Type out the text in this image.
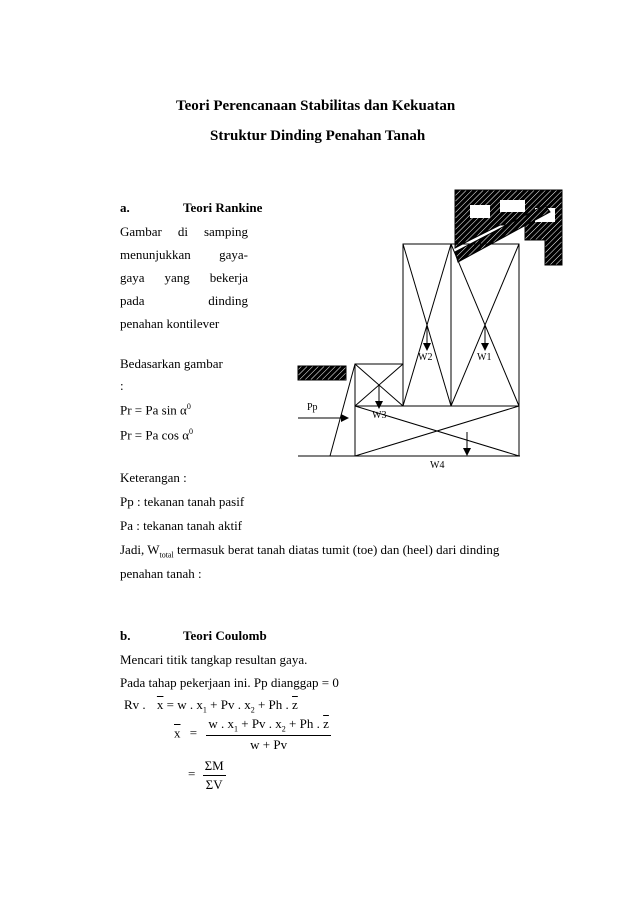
Teori Perencanaan Stabilitas dan Kekuatan
Struktur Dinding Penahan Tanah
a.	Teori Rankine
Gambar di samping
menunjukkan gaya-
gaya yang bekerja
pada	dinding
penahan kontilever
Bedasarkan gambar
:
Pr = Pa $\sin \alpha^0$
Pr = Pa $\cos \alpha^0$
Keterangan :
Pp : tekanan tanah pasif
Pa : tekanan tanah aktif
Jadi, $W_{total}$ termasuk berat tanah diatas tumit (toe) dan (heel) dari dinding
penahan tanah :
W2	W1
W3
W4
Pp
b.	Teori Coulomb
Mencari titik tangkap resultan gaya.
Pada tahap pekerjaan ini. Pp dianggap = 0
Rv . $\overline{x} = w$ . $x_1 + Pv$ . $x_2 + Ph$ . $\overline{z}$
$\overline{x} = \frac{w . x_1 + Pv . x_2 + Ph . \overline{z}}{w + Pv}$
= $\frac{\Sigma M}{\Sigma V}$
